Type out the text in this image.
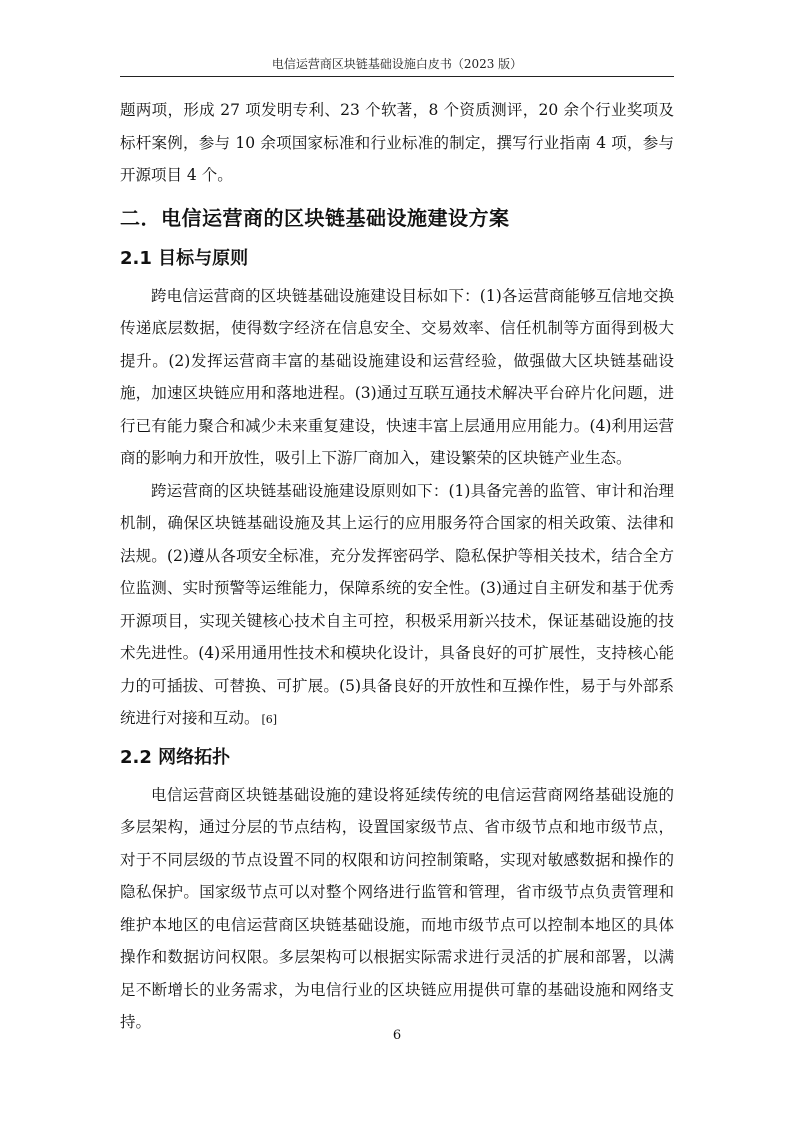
电信运营商区块链基础设施白皮书（2023 版）

题两项，形成 27 项发明专利、23 个软著，8 个资质测评，20 余个行业奖项及标杆案例，参与 10 余项国家标准和行业标准的制定，撰写行业指南 4 项，参与开源项目 4 个。

二．电信运营商的区块链基础设施建设方案
2.1 目标与原则

跨电信运营商的区块链基础设施建设目标如下：(1)各运营商能够互信地交换传递底层数据，使得数字经济在信息安全、交易效率、信任机制等方面得到极大提升。(2)发挥运营商丰富的基础设施建设和运营经验，做强做大区块链基础设施，加速区块链应用和落地进程。(3)通过互联互通技术解决平台碎片化问题，进行已有能力聚合和减少未来重复建设，快速丰富上层通用应用能力。(4)利用运营商的影响力和开放性，吸引上下游厂商加入，建设繁荣的区块链产业生态。

跨运营商的区块链基础设施建设原则如下：(1)具备完善的监管、审计和治理机制，确保区块链基础设施及其上运行的应用服务符合国家的相关政策、法律和法规。(2)遵从各项安全标准，充分发挥密码学、隐私保护等相关技术，结合全方位监测、实时预警等运维能力，保障系统的安全性。(3)通过自主研发和基于优秀开源项目，实现关键核心技术自主可控，积极采用新兴技术，保证基础设施的技术先进性。(4)采用通用性技术和模块化设计，具备良好的可扩展性，支持核心能力的可插拔、可替换、可扩展。(5)具备良好的开放性和互操作性，易于与外部系统进行对接和互动。 [6]

2.2 网络拓扑

电信运营商区块链基础设施的建设将延续传统的电信运营商网络基础设施的多层架构，通过分层的节点结构，设置国家级节点、省市级节点和地市级节点，对于不同层级的节点设置不同的权限和访问控制策略，实现对敏感数据和操作的隐私保护。国家级节点可以对整个网络进行监管和管理，省市级节点负责管理和维护本地区的电信运营商区块链基础设施，而地市级节点可以控制本地区的具体操作和数据访问权限。多层架构可以根据实际需求进行灵活的扩展和部署，以满足不断增长的业务需求，为电信行业的区块链应用提供可靠的基础设施和网络支持。

6
